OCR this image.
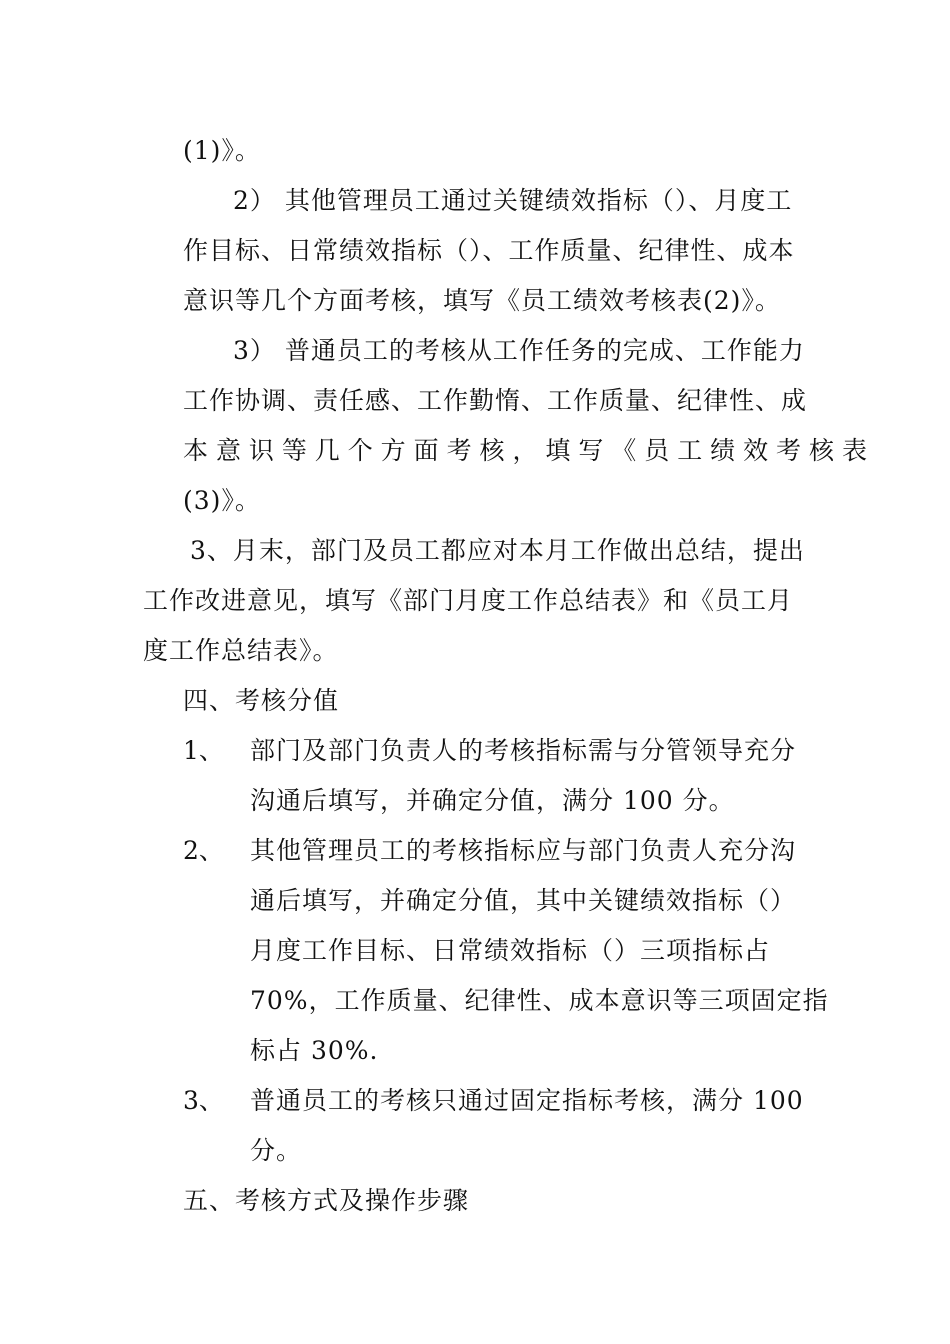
(1)》。
2） 其他管理员工通过关键绩效指标（）、月度工
作目标、日常绩效指标（）、工作质量、纪律性、成本
意识等几个方面考核，填写《员工绩效考核表(2)》。
3） 普通员工的考核从工作任务的完成、工作能力
工作协调、责任感、工作勤惰、工作质量、纪律性、成
本 意 识 等 几 个 方 面 考 核 ， 填 写 《 员 工 绩 效 考 核 表
(3)》。
3、月末，部门及员工都应对本月工作做出总结，提出
工作改进意见，填写《部门月度工作总结表》和《员工月
度工作总结表》。
四、考核分值
1、 部门及部门负责人的考核指标需与分管领导充分
沟通后填写，并确定分值，满分 100 分。
2、 其他管理员工的考核指标应与部门负责人充分沟
通后填写，并确定分值，其中关键绩效指标（）
月度工作目标、日常绩效指标（）三项指标占
70%，工作质量、纪律性、成本意识等三项固定指
标占 30%.
3、 普通员工的考核只通过固定指标考核，满分 100
分。
五、考核方式及操作步骤
